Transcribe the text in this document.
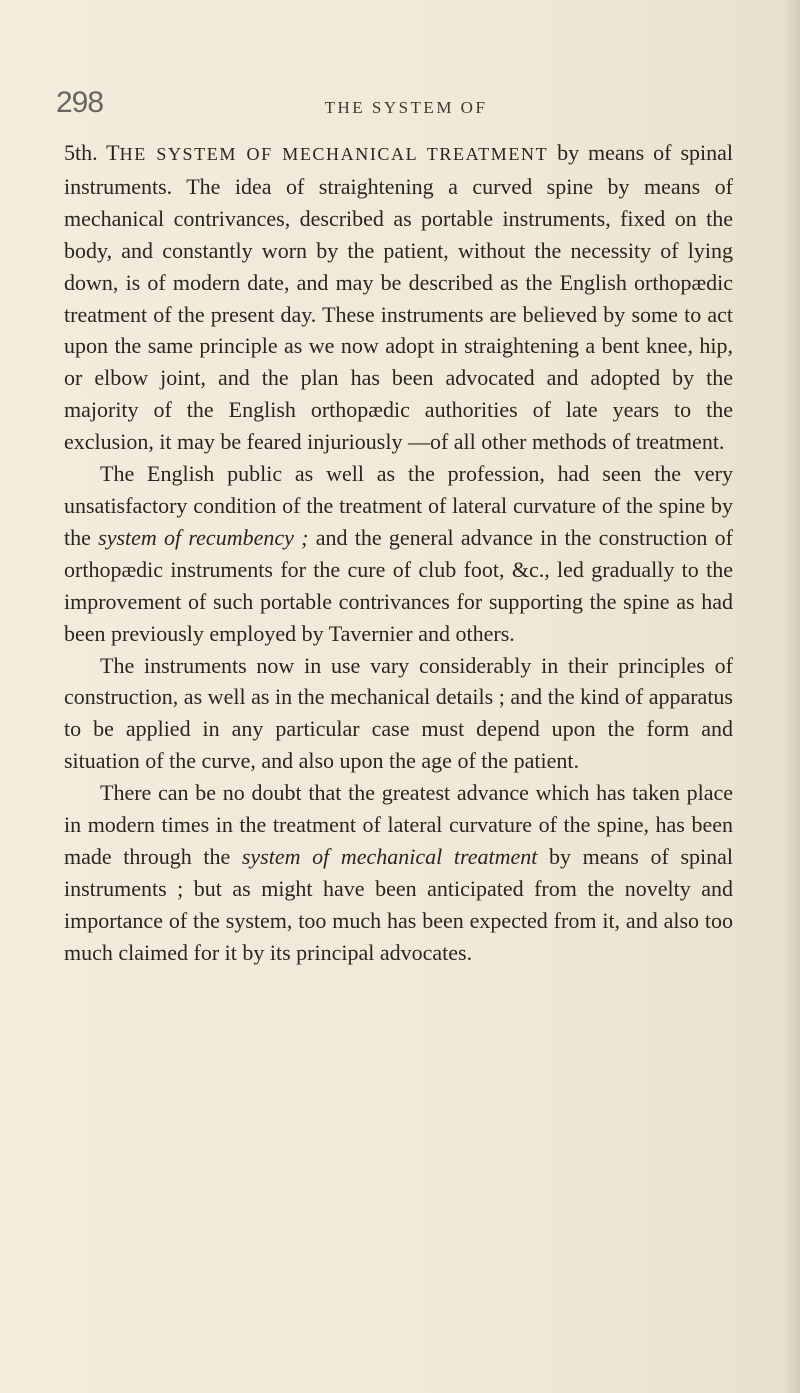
298	THE SYSTEM OF

5th. THE SYSTEM OF MECHANICAL TREATMENT by means of spinal instruments. The idea of straightening a curved spine by means of mechanical contrivances, described as portable instruments, fixed on the body, and constantly worn by the patient, without the necessity of lying down, is of modern date, and may be described as the English orthopædic treatment of the present day. These instruments are believed by some to act upon the same principle as we now adopt in straightening a bent knee, hip, or elbow joint, and the plan has been advocated and adopted by the majority of the English orthopædic authorities of late years to the exclusion, it may be feared injuriously —of all other methods of treatment.

The English public as well as the profession, had seen the very unsatisfactory condition of the treatment of lateral curvature of the spine by the system of recumbency ; and the general advance in the construction of orthopædic instruments for the cure of club foot, &c., led gradually to the improvement of such portable contrivances for supporting the spine as had been previously employed by Tavernier and others.

The instruments now in use vary considerably in their principles of construction, as well as in the mechanical details ; and the kind of apparatus to be applied in any particular case must depend upon the form and situation of the curve, and also upon the age of the patient.

There can be no doubt that the greatest advance which has taken place in modern times in the treatment of lateral curvature of the spine, has been made through the system of mechanical treatment by means of spinal instruments ; but as might have been anticipated from the novelty and importance of the system, too much has been expected from it, and also too much claimed for it by its principal advocates.
